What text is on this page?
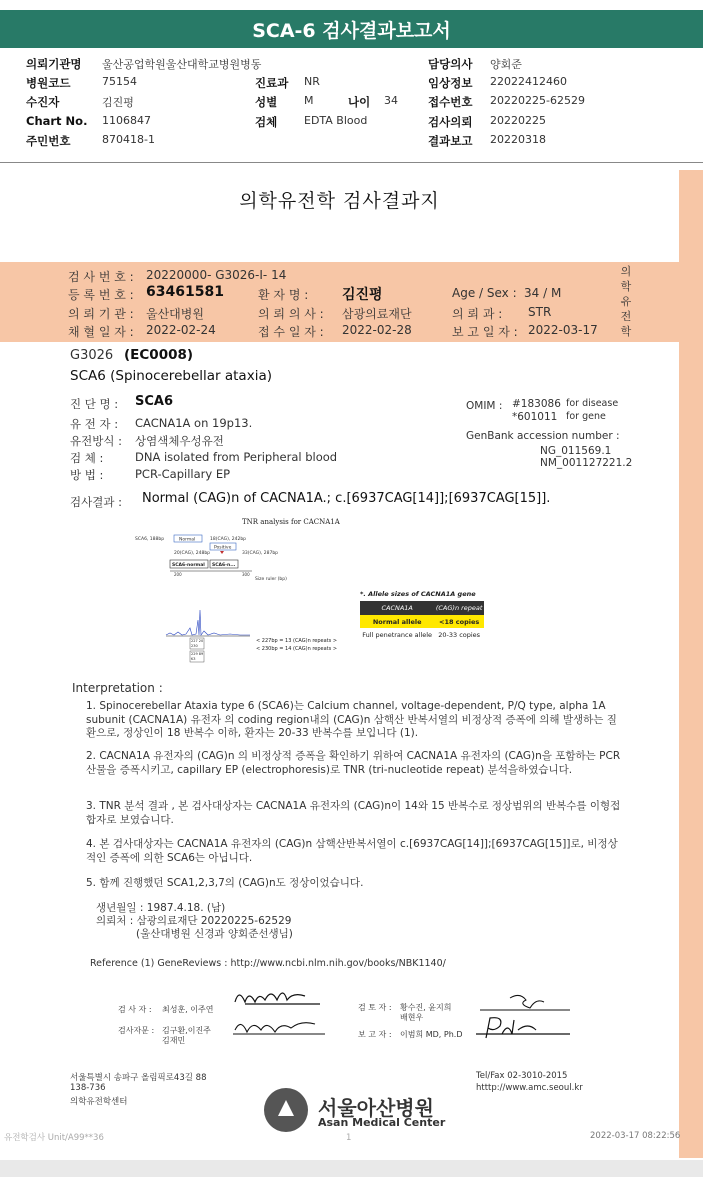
SCA-6 검사결과보고서
의뢰기관명 울산공업학원울산대학교병원병동	담당의사 양회준
병원코드	75154	진료과 NR	임상정보 22022412460
수진자	김진평	성별 M	나이 34	접수번호 20220225-62529
Chart No. 1106847	검체 EDTA Blood	검사의뢰 20220225
주민번호	870418-1	결과보고 20220318
의학유전학 검사결과지
검 사 번 호 : 20220000- G3026-I- 14
등 록 번 호 : 63461581	환 자 명 : 김진평	Age / Sex : 34 / M
의 뢰 기 관 : 울산대병원	의 뢰 의 사 : 삼광의료재단	의 뢰 과 : STR
채 혈 일 자 : 2022-02-24	접 수 일 자 : 2022-02-28	보 고 일 자 : 2022-03-17
의
학
유
전
학
G3026 (EC0008)
SCA6 (Spinocerebellar ataxia)
진 단 명 : SCA6
유 전 자 : CACNA1A on 19p13.
유전방식 : 상염색체우성유전
검 체 :	DNA isolated from Peripheral blood
방 법 :	PCR-Capillary EP
OMIM : #183086 for disease
*601011 for gene
GenBank accession number :
NG_011569.1
NM_001127221.2
검사결과 : Normal (CAG)n of CACNA1A.; c.[6937CAG[14]];[6937CAG[15]].
TNR analysis for CACNA1A
SCA6, 188bp	Normal	18(CAG), 242bp
Positive
20(CAG), 248bp	33(CAG), 287bp
SCA6-normal SCA6-n...
200	300
Size ruler (bp)
227 20
230
229 89
K3
< 227bp = 13 (CAG)n repeats >
< 230bp = 14 (CAG)n repeats >
*. Allele sizes of CACNA1A gene
CACNA1A	(CAG)n repeat
Normal allele	<18 copies
Full penetrance allele	20-33 copies
Interpretation :
1. Spinocerebellar Ataxia type 6 (SCA6)는 Calcium channel, voltage-dependent, P/Q type, alpha 1A subunit (CACNA1A) 유전자 의 coding region내의 (CAG)n 삼핵산 반복서열의 비정상적 증폭에 의해 발생하는 질환으로, 정상인이 18 반복수 이하, 환자는 20-33 반복수를 보입니다 (1).
2. CACNA1A 유전자의 (CAG)n 의 비정상적 증폭을 확인하기 위하여 CACNA1A 유전자의 (CAG)n을 포함하는 PCR 산물을 증폭시키고, capillary EP (electrophoresis)로 TNR (tri-nucleotide repeat) 분석을하였습니다.
3. TNR 분석 결과 , 본 검사대상자는 CACNA1A 유전자의 (CAG)n이 14와 15 반복수로 정상범위의 반복수를 이형접합자로 보였습니다.
4. 본 검사대상자는 CACNA1A 유전자의 (CAG)n 삼핵산반복서열이 c.[6937CAG[14]];[6937CAG[15]]로, 비정상적인 증폭에 의한 SCA6는 아닙니다.
5. 함께 진행했던 SCA1,2,3,7의 (CAG)n도 정상이었습니다.
생년월일 : 1987.4.18. (남)
의뢰처 : 삼광의료재단 20220225-62529
(울산대병원 신경과 양회준선생님)
Reference (1) GeneReviews : http://www.ncbi.nlm.nih.gov/books/NBK1140/
검 사 자 : 최성훈, 이주연
검사자문 : 김구환,이진주
김재민
검 토 자 : 황수진, 윤지희
배현우
보 고 자 : 이범희 MD, Ph.D
서울특별시 송파구 올림픽로43길 88
138-736
의학유전학센터
Tel/Fax 02-3010-2015
htttp://www.amc.seoul.kr
서울아산병원
Asan Medical Center
유전학검사 Unit/A99**36	1	2022-03-17 08:22:56
